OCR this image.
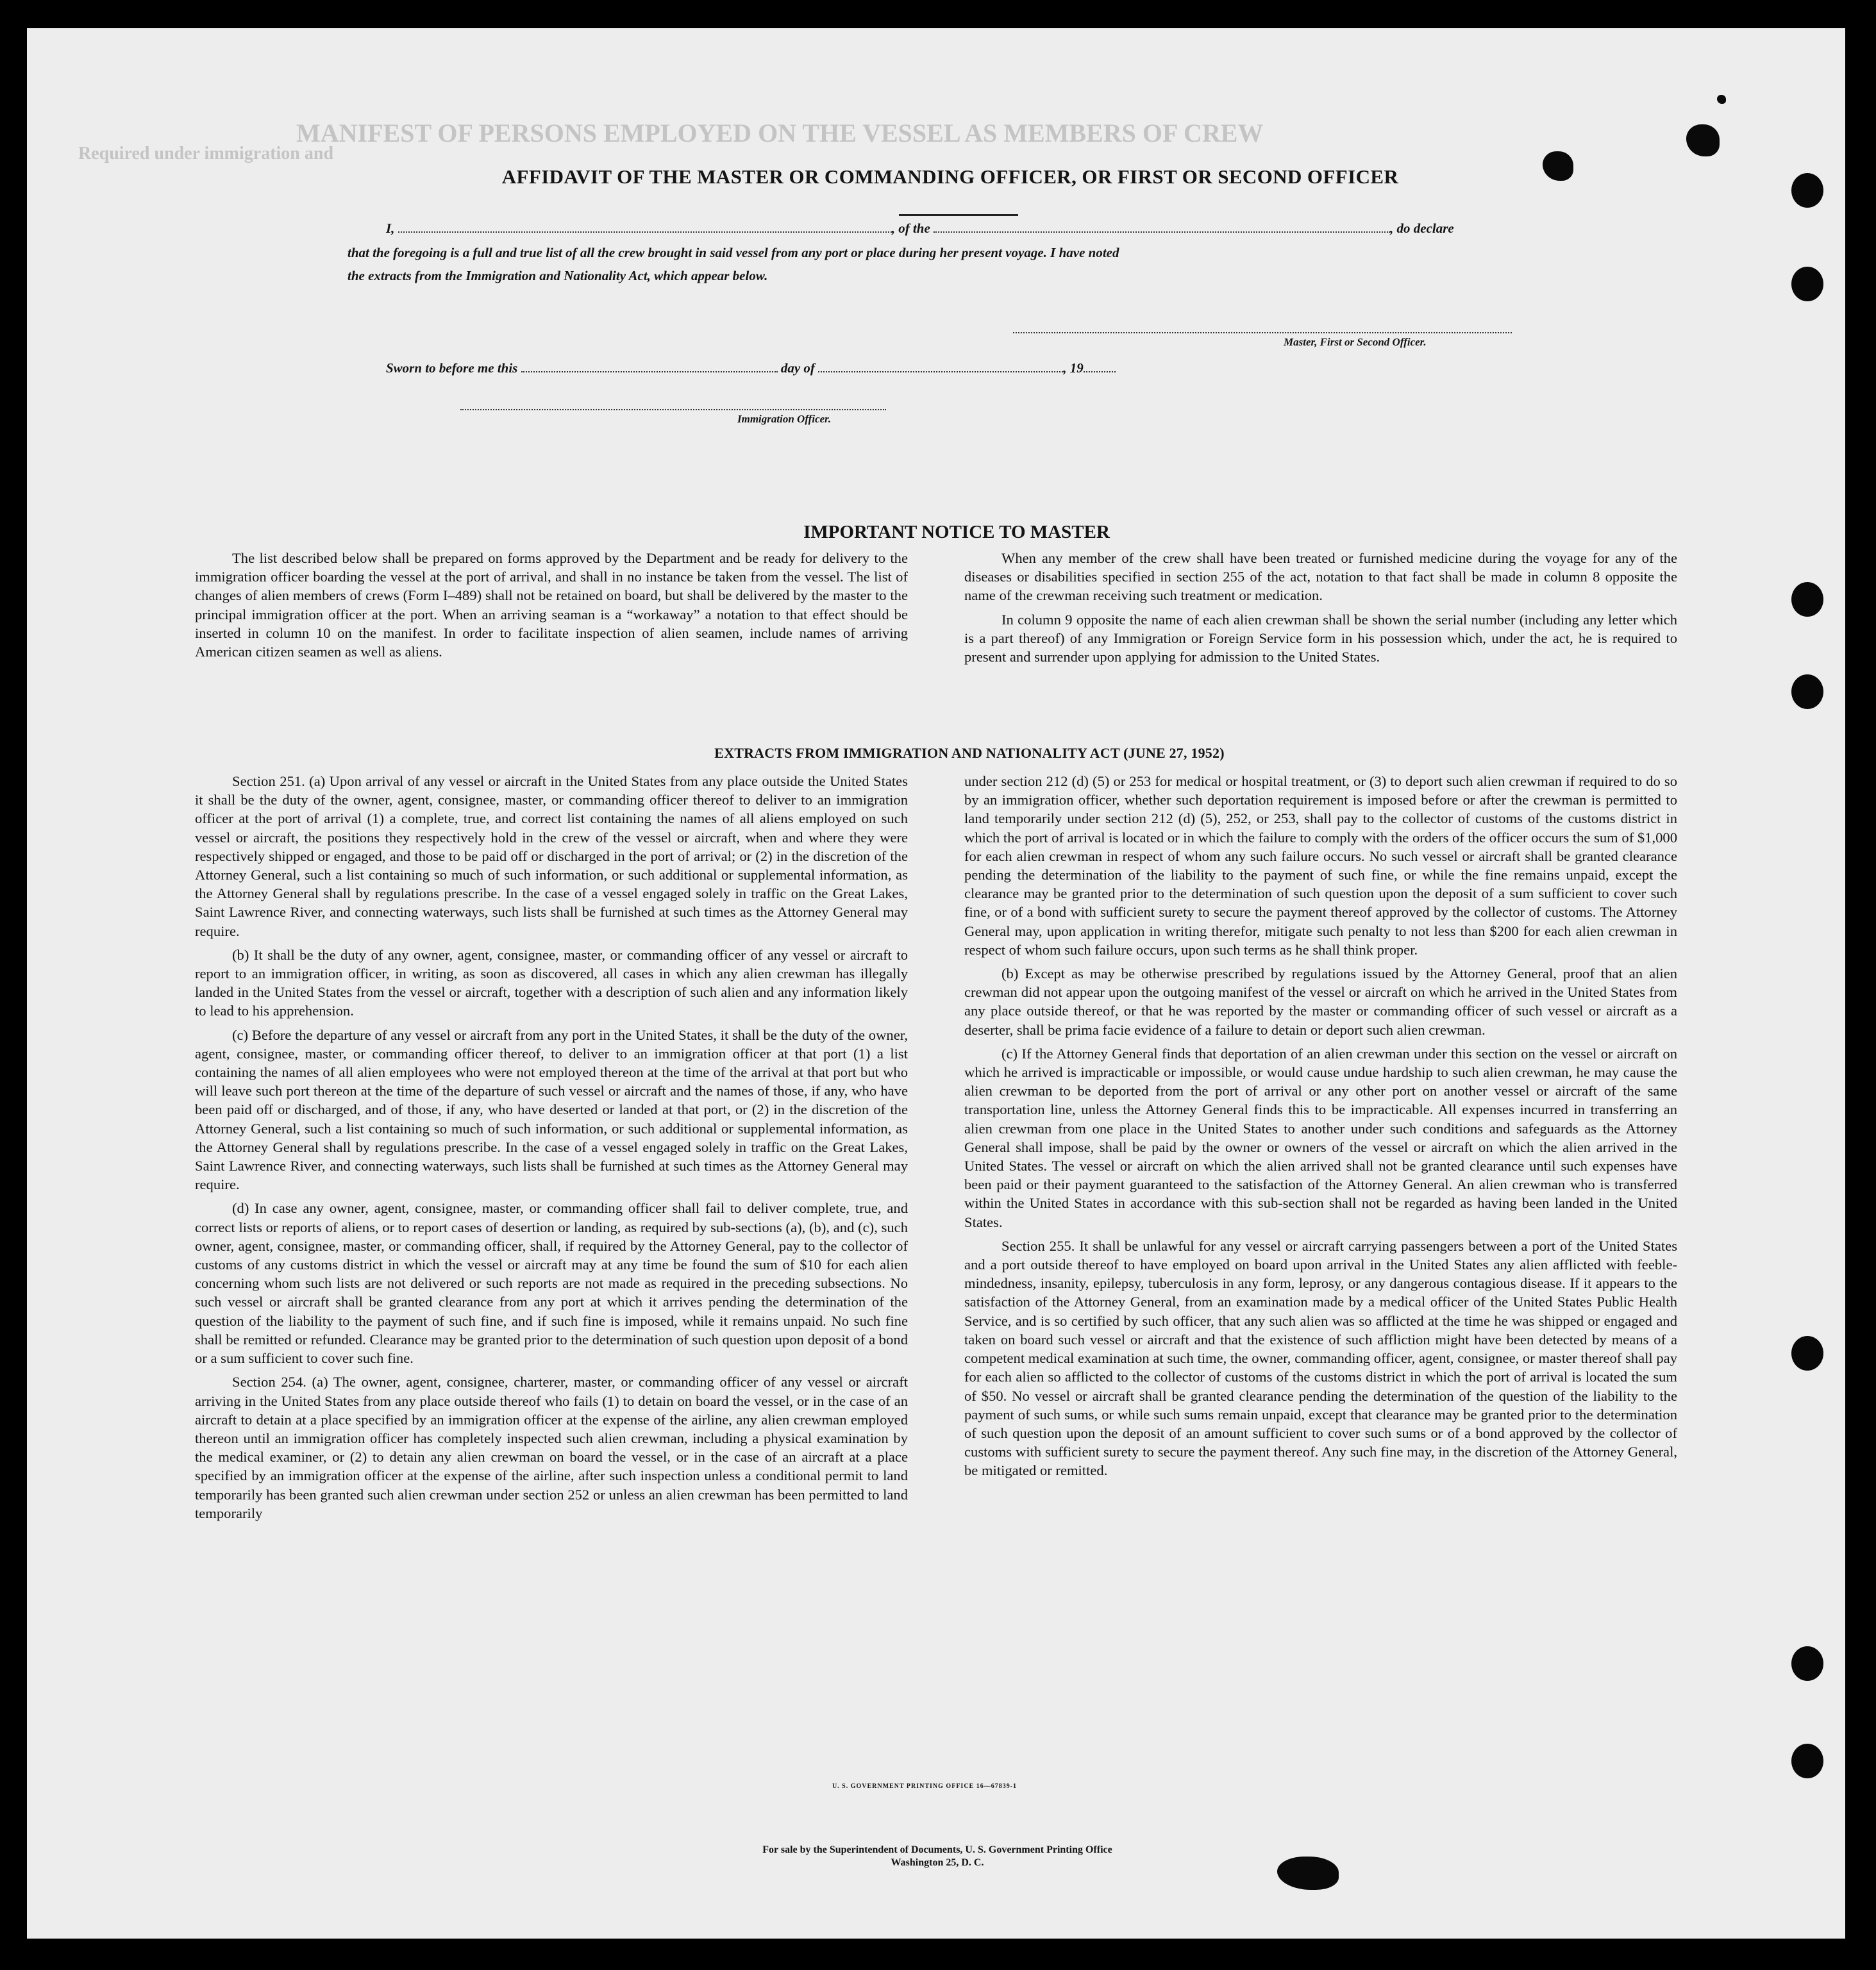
MANIFEST OF PERSONS EMPLOYED ON THE VESSEL AS MEMBERS OF CREW
Required under immigration and
AFFIDAVIT OF THE MASTER OR COMMANDING OFFICER, OR FIRST OR SECOND OFFICER
I,	, of the	, do declare
that the foregoing is a full and true list of all the crew brought in said vessel from any port or place during her present voyage. I have noted
the extracts from the Immigration and Nationality Act, which appear below.
Master, First or Second Officer.
Sworn to before me this	day of	, 19
Immigration Officer.
IMPORTANT NOTICE TO MASTER

The list described below shall be prepared on forms approved by the Department and be ready for delivery to the immigration officer boarding the vessel at the port of arrival, and shall in no instance be taken from the vessel. The list of changes of alien members of crews (Form I–489) shall not be retained on board, but shall be delivered by the master to the principal immigration officer at the port. When an arriving seaman is a “workaway” a notation to that effect should be inserted in column 10 on the manifest. In order to facilitate inspection of alien seamen, include names of arriving American citizen seamen as well as aliens.

When any member of the crew shall have been treated or furnished medicine during the voyage for any of the diseases or disabilities specified in section 255 of the act, notation to that fact shall be made in column 8 opposite the name of the crewman receiving such treatment or medication.

In column 9 opposite the name of each alien crewman shall be shown the serial number (including any letter which is a part thereof) of any Immigration or Foreign Service form in his possession which, under the act, he is required to present and surrender upon applying for admission to the United States.

EXTRACTS FROM IMMIGRATION AND NATIONALITY ACT (JUNE 27, 1952)

Section 251. (a) Upon arrival of any vessel or aircraft in the United States from any place outside the United States it shall be the duty of the owner, agent, consignee, master, or commanding officer thereof to deliver to an immigration officer at the port of arrival (1) a complete, true, and correct list containing the names of all aliens employed on such vessel or aircraft, the positions they respectively hold in the crew of the vessel or aircraft, when and where they were respectively shipped or engaged, and those to be paid off or discharged in the port of arrival; or (2) in the discretion of the Attorney General, such a list containing so much of such information, or such additional or supplemental information, as the Attorney General shall by regulations prescribe. In the case of a vessel engaged solely in traffic on the Great Lakes, Saint Lawrence River, and connecting waterways, such lists shall be furnished at such times as the Attorney General may require.

(b) It shall be the duty of any owner, agent, consignee, master, or commanding officer of any vessel or aircraft to report to an immigration officer, in writing, as soon as discovered, all cases in which any alien crewman has illegally landed in the United States from the vessel or aircraft, together with a description of such alien and any information likely to lead to his apprehension.

(c) Before the departure of any vessel or aircraft from any port in the United States, it shall be the duty of the owner, agent, consignee, master, or commanding officer thereof, to deliver to an immigration officer at that port (1) a list containing the names of all alien employees who were not employed thereon at the time of the arrival at that port but who will leave such port thereon at the time of the departure of such vessel or aircraft and the names of those, if any, who have been paid off or discharged, and of those, if any, who have deserted or landed at that port, or (2) in the discretion of the Attorney General, such a list containing so much of such information, or such additional or supplemental information, as the Attorney General shall by regulations prescribe. In the case of a vessel engaged solely in traffic on the Great Lakes, Saint Lawrence River, and connecting waterways, such lists shall be furnished at such times as the Attorney General may require.

(d) In case any owner, agent, consignee, master, or commanding officer shall fail to deliver complete, true, and correct lists or reports of aliens, or to report cases of desertion or landing, as required by sub-sections (a), (b), and (c), such owner, agent, consignee, master, or commanding officer, shall, if required by the Attorney General, pay to the collector of customs of any customs district in which the vessel or aircraft may at any time be found the sum of $10 for each alien concerning whom such lists are not delivered or such reports are not made as required in the preceding subsections. No such vessel or aircraft shall be granted clearance from any port at which it arrives pending the determination of the question of the liability to the payment of such fine, and if such fine is imposed, while it remains unpaid. No such fine shall be remitted or refunded. Clearance may be granted prior to the determination of such question upon deposit of a bond or a sum sufficient to cover such fine.

Section 254. (a) The owner, agent, consignee, charterer, master, or commanding officer of any vessel or aircraft arriving in the United States from any place outside thereof who fails (1) to detain on board the vessel, or in the case of an aircraft to detain at a place specified by an immigration officer at the expense of the airline, any alien crewman employed thereon until an immigration officer has completely inspected such alien crewman, including a physical examination by the medical examiner, or (2) to detain any alien crewman on board the vessel, or in the case of an aircraft at a place specified by an immigration officer at the expense of the airline, after such inspection unless a conditional permit to land temporarily has been granted such alien crewman under section 252 or unless an alien crewman has been permitted to land temporarily

under section 212 (d) (5) or 253 for medical or hospital treatment, or (3) to deport such alien crewman if required to do so by an immigration officer, whether such deportation requirement is imposed before or after the crewman is permitted to land temporarily under section 212 (d) (5), 252, or 253, shall pay to the collector of customs of the customs district in which the port of arrival is located or in which the failure to comply with the orders of the officer occurs the sum of $1,000 for each alien crewman in respect of whom any such failure occurs. No such vessel or aircraft shall be granted clearance pending the determination of the liability to the payment of such fine, or while the fine remains unpaid, except the clearance may be granted prior to the determination of such question upon the deposit of a sum sufficient to cover such fine, or of a bond with sufficient surety to secure the payment thereof approved by the collector of customs. The Attorney General may, upon application in writing therefor, mitigate such penalty to not less than $200 for each alien crewman in respect of whom such failure occurs, upon such terms as he shall think proper.

(b) Except as may be otherwise prescribed by regulations issued by the Attorney General, proof that an alien crewman did not appear upon the outgoing manifest of the vessel or aircraft on which he arrived in the United States from any place outside thereof, or that he was reported by the master or commanding officer of such vessel or aircraft as a deserter, shall be prima facie evidence of a failure to detain or deport such alien crewman.

(c) If the Attorney General finds that deportation of an alien crewman under this section on the vessel or aircraft on which he arrived is impracticable or impossible, or would cause undue hardship to such alien crewman, he may cause the alien crewman to be deported from the port of arrival or any other port on another vessel or aircraft of the same transportation line, unless the Attorney General finds this to be impracticable. All expenses incurred in transferring an alien crewman from one place in the United States to another under such conditions and safeguards as the Attorney General shall impose, shall be paid by the owner or owners of the vessel or aircraft on which the alien arrived in the United States. The vessel or aircraft on which the alien arrived shall not be granted clearance until such expenses have been paid or their payment guaranteed to the satisfaction of the Attorney General. An alien crewman who is transferred within the United States in accordance with this sub-section shall not be regarded as having been landed in the United States.

Section 255. It shall be unlawful for any vessel or aircraft carrying passengers between a port of the United States and a port outside thereof to have employed on board upon arrival in the United States any alien afflicted with feeble-mindedness, insanity, epilepsy, tuberculosis in any form, leprosy, or any dangerous contagious disease. If it appears to the satisfaction of the Attorney General, from an examination made by a medical officer of the United States Public Health Service, and is so certified by such officer, that any such alien was so afflicted at the time he was shipped or engaged and taken on board such vessel or aircraft and that the existence of such affliction might have been detected by means of a competent medical examination at such time, the owner, commanding officer, agent, consignee, or master thereof shall pay for each alien so afflicted to the collector of customs of the customs district in which the port of arrival is located the sum of $50. No vessel or aircraft shall be granted clearance pending the determination of the question of the liability to the payment of such sums, or while such sums remain unpaid, except that clearance may be granted prior to the determination of such question upon the deposit of an amount sufficient to cover such sums or of a bond approved by the collector of customs with sufficient surety to secure the payment thereof. Any such fine may, in the discretion of the Attorney General, be mitigated or remitted.

U. S. GOVERNMENT PRINTING OFFICE 16—67839-1
For sale by the Superintendent of Documents, U. S. Government Printing Office
Washington 25, D. C.
